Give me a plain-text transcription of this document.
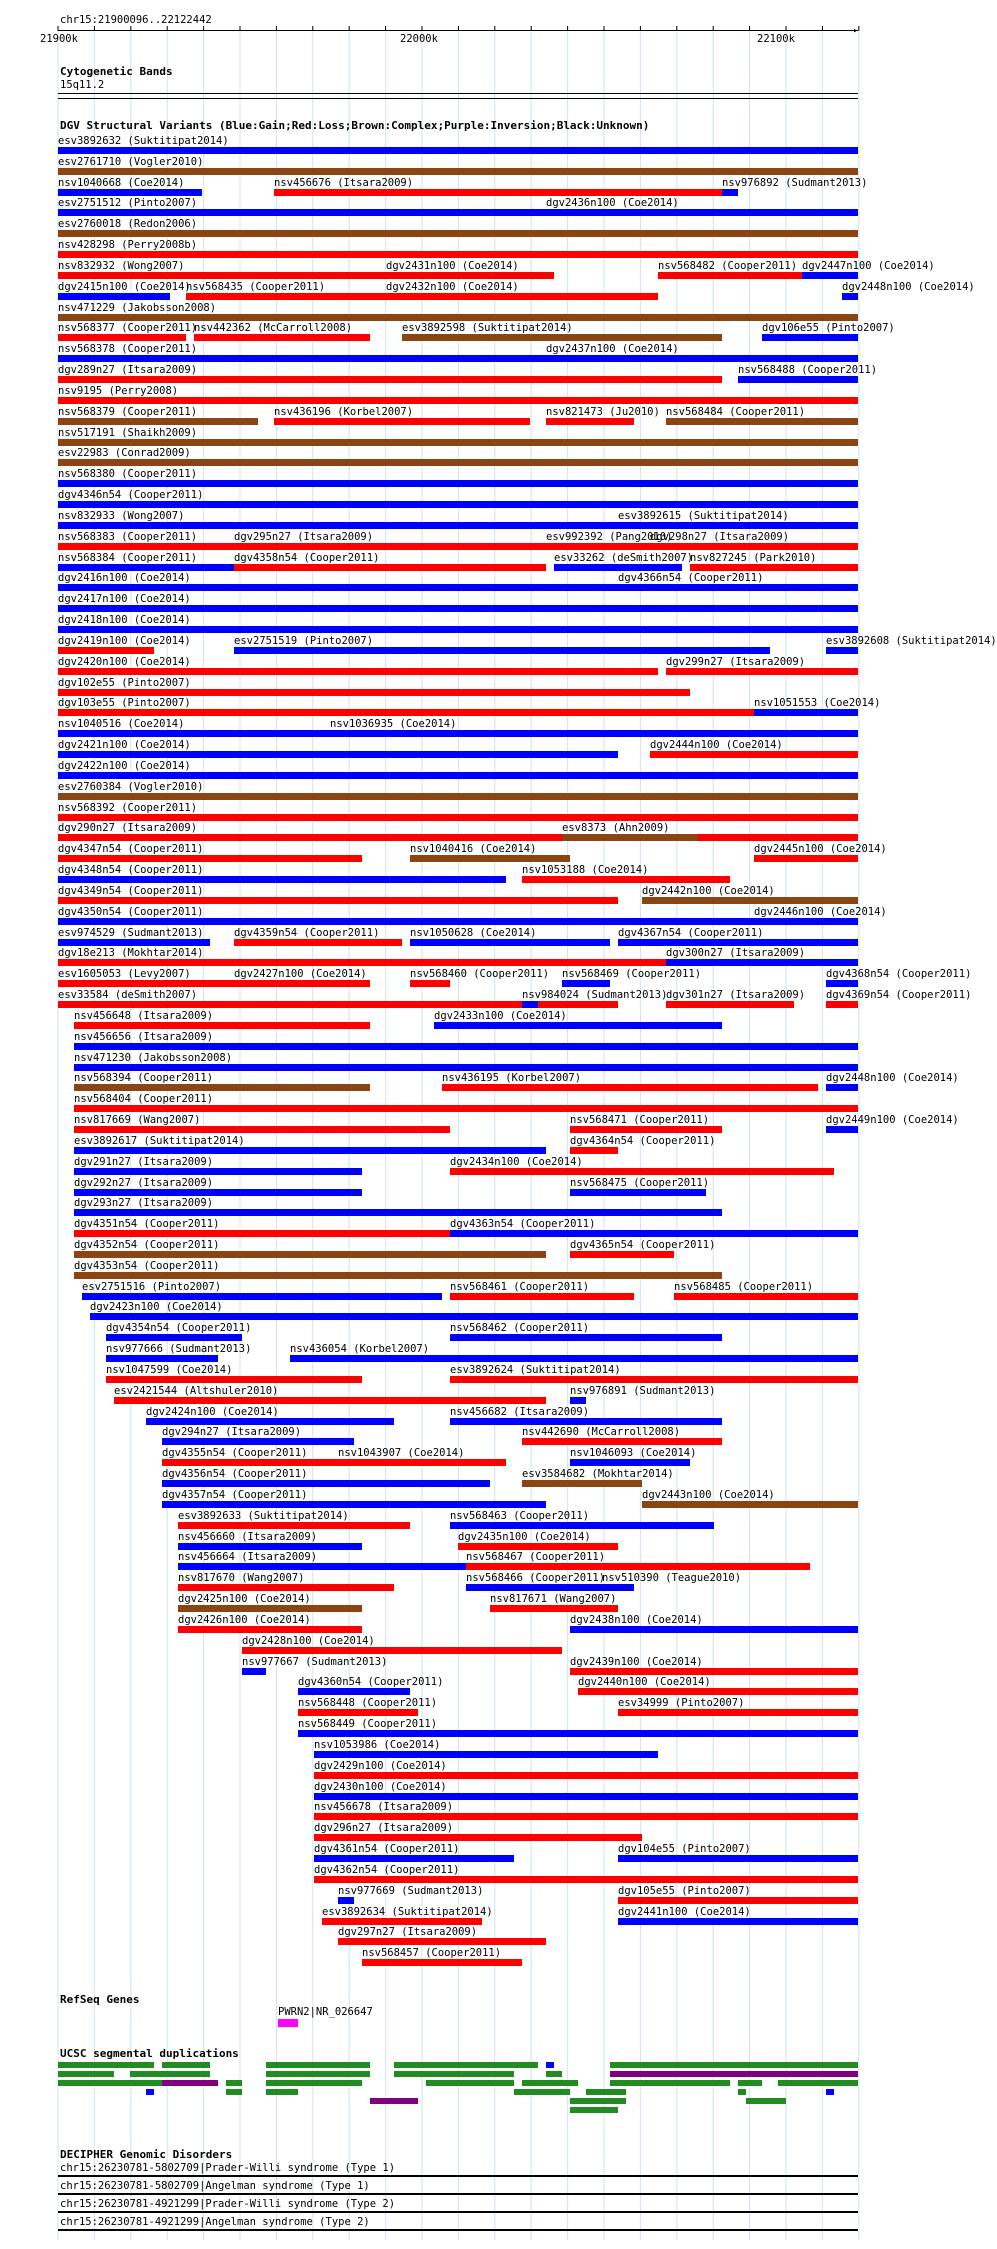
chr15:21900096..22122442
21900k	22000k	22100k
▸
Cytogenetic Bands
15q11.2
DGV Structural Variants (Blue:Gain;Red:Loss;Brown:Complex;Purple:Inversion;Black:Unknown)
esv3892632 (Suktitipat2014)
esv2761710 (Vogler2010)
nsv1040668 (Coe2014)	nsv456676 (Itsara2009)	nsv976892 (Sudmant2013)
esv2751512 (Pinto2007)	dgv2436n100 (Coe2014)
esv2760018 (Redon2006)
nsv428298 (Perry2008b)
nsv832932 (Wong2007)	dgv2431n100 (Coe2014)	nsv568482 (Cooper2011) dgv2447n100 (Coe2014)
dgv2415n100 (Coe2014)
nsv568435 (Cooper2011)	dgv2432n100 (Coe2014)	dgv2448n100 (Coe2014)
nsv471229 (Jakobsson2008)
nsv568377 (Cooper2011)
nsv442362 (McCarroll2008)	esv3892598 (Suktitipat2014)	dgv106e55 (Pinto2007)
nsv568378 (Cooper2011)	dgv2437n100 (Coe2014)
dgv289n27 (Itsara2009)	nsv568488 (Cooper2011)
nsv9195 (Perry2008)
nsv568379 (Cooper2011)	nsv436196 (Korbel2007)	nsv821473 (Ju2010) nsv568484 (Cooper2011)
nsv517191 (Shaikh2009)
esv22983 (Conrad2009)
nsv568380 (Cooper2011)
dgv4346n54 (Cooper2011)
nsv832933 (Wong2007)	esv3892615 (Suktitipat2014)
nsv568383 (Cooper2011)	dgv295n27 (Itsara2009)	esv992392 (Pang2010)
dgv298n27 (Itsara2009)
nsv568384 (Cooper2011)	dgv4358n54 (Cooper2011)	esv33262 (deSmith2007)
nsv827245 (Park2010)
dgv2416n100 (Coe2014)	dgv4366n54 (Cooper2011)
dgv2417n100 (Coe2014)
dgv2418n100 (Coe2014)
dgv2419n100 (Coe2014)	esv2751519 (Pinto2007)	esv3892608 (Suktitipat2014)
dgv2420n100 (Coe2014)	dgv299n27 (Itsara2009)
dgv102e55 (Pinto2007)
dgv103e55 (Pinto2007)	nsv1051553 (Coe2014)
nsv1040516 (Coe2014)	nsv1036935 (Coe2014)
dgv2421n100 (Coe2014)	dgv2444n100 (Coe2014)
dgv2422n100 (Coe2014)
esv2760384 (Vogler2010)
nsv568392 (Cooper2011)
dgv290n27 (Itsara2009)	esv8373 (Ahn2009)
dgv4347n54 (Cooper2011)	nsv1040416 (Coe2014)	dgv2445n100 (Coe2014)
dgv4348n54 (Cooper2011)	nsv1053188 (Coe2014)
dgv4349n54 (Cooper2011)	dgv2442n100 (Coe2014)
dgv4350n54 (Cooper2011)	dgv2446n100 (Coe2014)
esv974529 (Sudmant2013)	dgv4359n54 (Cooper2011)	nsv1050628 (Coe2014)	dgv4367n54 (Cooper2011)
dgv18e213 (Mokhtar2014)	dgv300n27 (Itsara2009)
esv1605053 (Levy2007)	dgv2427n100 (Coe2014)	nsv568460 (Cooper2011) nsv568469 (Cooper2011)	dgv4368n54 (Cooper2011)
esv33584 (deSmith2007)	nsv984024 (Sudmant2013)
dgv301n27 (Itsara2009) dgv4369n54 (Cooper2011)
nsv456648 (Itsara2009)	dgv2433n100 (Coe2014)
nsv456656 (Itsara2009)
nsv471230 (Jakobsson2008)
nsv568394 (Cooper2011)	nsv436195 (Korbel2007)	dgv2448n100 (Coe2014)
nsv568404 (Cooper2011)
nsv817669 (Wang2007)	nsv568471 (Cooper2011)	dgv2449n100 (Coe2014)
esv3892617 (Suktitipat2014)	dgv4364n54 (Cooper2011)
dgv291n27 (Itsara2009)	dgv2434n100 (Coe2014)
dgv292n27 (Itsara2009)	nsv568475 (Cooper2011)
dgv293n27 (Itsara2009)
dgv4351n54 (Cooper2011)	dgv4363n54 (Cooper2011)
dgv4352n54 (Cooper2011)	dgv4365n54 (Cooper2011)
dgv4353n54 (Cooper2011)
esv2751516 (Pinto2007)	nsv568461 (Cooper2011)	nsv568485 (Cooper2011)
dgv2423n100 (Coe2014)
dgv4354n54 (Cooper2011)	nsv568462 (Cooper2011)
nsv977666 (Sudmant2013)	nsv436054 (Korbel2007)
nsv1047599 (Coe2014)	esv3892624 (Suktitipat2014)
esv2421544 (Altshuler2010)	nsv976891 (Sudmant2013)
dgv2424n100 (Coe2014)	nsv456682 (Itsara2009)
dgv294n27 (Itsara2009)	nsv442690 (McCarroll2008)
dgv4355n54 (Cooper2011)	nsv1043907 (Coe2014)	nsv1046093 (Coe2014)
dgv4356n54 (Cooper2011)	esv3584682 (Mokhtar2014)
dgv4357n54 (Cooper2011)	dgv2443n100 (Coe2014)
esv3892633 (Suktitipat2014)	nsv568463 (Cooper2011)
nsv456660 (Itsara2009)	dgv2435n100 (Coe2014)
nsv456664 (Itsara2009)	nsv568467 (Cooper2011)
nsv817670 (Wang2007)	nsv568466 (Cooper2011)
nsv510390 (Teague2010)
dgv2425n100 (Coe2014)	nsv817671 (Wang2007)
dgv2426n100 (Coe2014)	dgv2438n100 (Coe2014)
dgv2428n100 (Coe2014)
nsv977667 (Sudmant2013)	dgv2439n100 (Coe2014)
dgv4360n54 (Cooper2011)	dgv2440n100 (Coe2014)
nsv568448 (Cooper2011)	esv34999 (Pinto2007)
nsv568449 (Cooper2011)
nsv1053986 (Coe2014)
dgv2429n100 (Coe2014)
dgv2430n100 (Coe2014)
nsv456678 (Itsara2009)
dgv296n27 (Itsara2009)
dgv4361n54 (Cooper2011)	dgv104e55 (Pinto2007)
dgv4362n54 (Cooper2011)
nsv977669 (Sudmant2013)	dgv105e55 (Pinto2007)
esv3892634 (Suktitipat2014)	dgv2441n100 (Coe2014)
dgv297n27 (Itsara2009)
nsv568457 (Cooper2011)
RefSeq Genes
PWRN2|NR_026647
UCSC segmental duplications
DECIPHER Genomic Disorders
chr15:26230781-5802709|Prader-Willi syndrome (Type 1)
chr15:26230781-5802709|Angelman syndrome (Type 1)
chr15:26230781-4921299|Prader-Willi syndrome (Type 2)
chr15:26230781-4921299|Angelman syndrome (Type 2)
